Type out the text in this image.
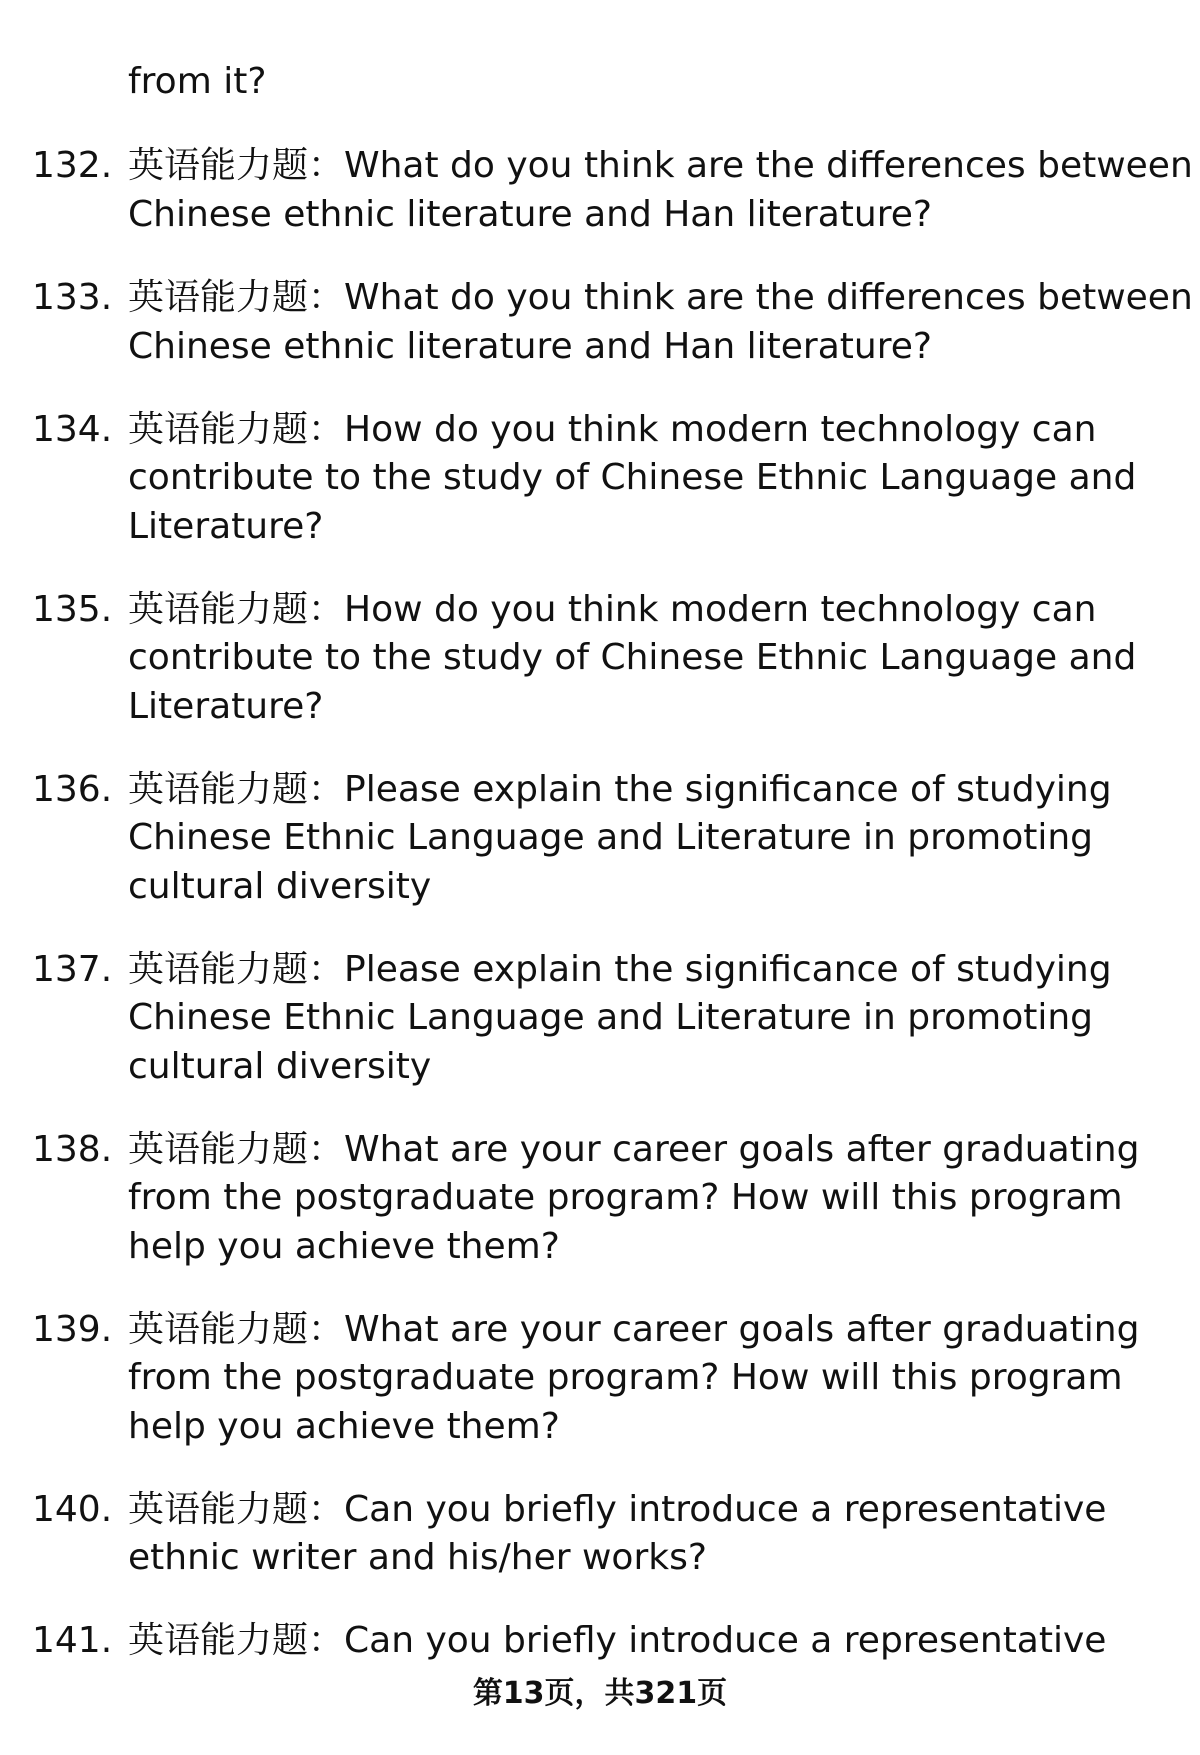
from it?
132. 英语能力题：What do you think are the differences between
Chinese ethnic literature and Han literature?
133. 英语能力题：What do you think are the differences between
Chinese ethnic literature and Han literature?
134. 英语能力题：How do you think modern technology can
contribute to the study of Chinese Ethnic Language and
Literature?
135. 英语能力题：How do you think modern technology can
contribute to the study of Chinese Ethnic Language and
Literature?
136. 英语能力题：Please explain the significance of studying
Chinese Ethnic Language and Literature in promoting
cultural diversity
137. 英语能力题：Please explain the significance of studying
Chinese Ethnic Language and Literature in promoting
cultural diversity
138. 英语能力题：What are your career goals after graduating
from the postgraduate program? How will this program
help you achieve them?
139. 英语能力题：What are your career goals after graduating
from the postgraduate program? How will this program
help you achieve them?
140. 英语能力题：Can you briefly introduce a representative
ethnic writer and his/her works?
141. 英语能力题：Can you briefly introduce a representative
第13页，共321页
